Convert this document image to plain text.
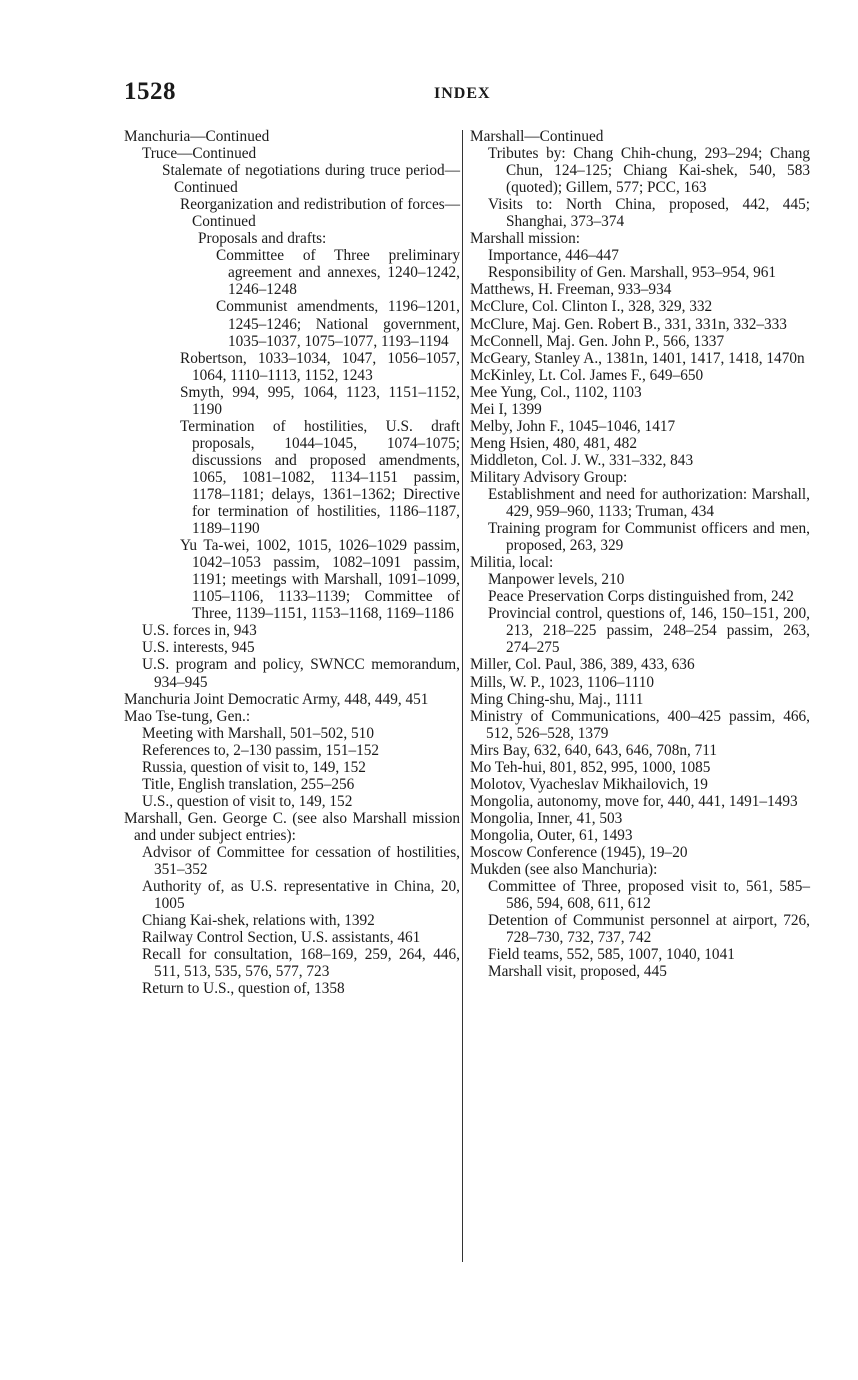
1528	INDEX
Manchuria—Continued
Truce—Continued
Stalemate of negotiations during truce period—Continued
Reorganization and redistribution of forces—Continued
Proposals and drafts:
Committee of Three preliminary agreement and annexes, 1240–1242, 1246–1248
Communist amendments, 1196–1201, 1245–1246; National government, 1035–1037, 1075–1077, 1193–1194
Robertson, 1033–1034, 1047, 1056–1057, 1064, 1110–1113, 1152, 1243
Smyth, 994, 995, 1064, 1123, 1151–1152, 1190
Termination of hostilities, U.S. draft proposals, 1044–1045, 1074–1075; discussions and proposed amendments, 1065, 1081–1082, 1134–1151 passim, 1178–1181; delays, 1361–1362; Directive for termination of hostilities, 1186–1187, 1189–1190
Yu Ta-wei, 1002, 1015, 1026–1029 passim, 1042–1053 passim, 1082–1091 passim, 1191; meetings with Marshall, 1091–1099, 1105–1106, 1133–1139; Committee of Three, 1139–1151, 1153–1168, 1169–1186
U.S. forces in, 943
U.S. interests, 945
U.S. program and policy, SWNCC memorandum, 934–945
Manchuria Joint Democratic Army, 448, 449, 451
Mao Tse-tung, Gen.:
Meeting with Marshall, 501–502, 510
References to, 2–130 passim, 151–152
Russia, question of visit to, 149, 152
Title, English translation, 255–256
U.S., question of visit to, 149, 152
Marshall, Gen. George C. (see also Marshall mission and under subject entries):
Advisor of Committee for cessation of hostilities, 351–352
Authority of, as U.S. representative in China, 20, 1005
Chiang Kai-shek, relations with, 1392
Railway Control Section, U.S. assistants, 461
Recall for consultation, 168–169, 259, 264, 446, 511, 513, 535, 576, 577, 723
Return to U.S., question of, 1358
Marshall—Continued
Tributes by: Chang Chih-chung, 293–294; Chang Chun, 124–125; Chiang Kai-shek, 540, 583 (quoted); Gillem, 577; PCC, 163
Visits to: North China, proposed, 442, 445; Shanghai, 373–374
Marshall mission:
Importance, 446–447
Responsibility of Gen. Marshall, 953–954, 961
Matthews, H. Freeman, 933–934
McClure, Col. Clinton I., 328, 329, 332
McClure, Maj. Gen. Robert B., 331, 331n, 332–333
McConnell, Maj. Gen. John P., 566, 1337
McGeary, Stanley A., 1381n, 1401, 1417, 1418, 1470n
McKinley, Lt. Col. James F., 649–650
Mee Yung, Col., 1102, 1103
Mei I, 1399
Melby, John F., 1045–1046, 1417
Meng Hsien, 480, 481, 482
Middleton, Col. J. W., 331–332, 843
Military Advisory Group:
Establishment and need for authorization: Marshall, 429, 959–960, 1133; Truman, 434
Training program for Communist officers and men, proposed, 263, 329
Militia, local:
Manpower levels, 210
Peace Preservation Corps distinguished from, 242
Provincial control, questions of, 146, 150–151, 200, 213, 218–225 passim, 248–254 passim, 263, 274–275
Miller, Col. Paul, 386, 389, 433, 636
Mills, W. P., 1023, 1106–1110
Ming Ching-shu, Maj., 1111
Ministry of Communications, 400–425 passim, 466, 512, 526–528, 1379
Mirs Bay, 632, 640, 643, 646, 708n, 711
Mo Teh-hui, 801, 852, 995, 1000, 1085
Molotov, Vyacheslav Mikhailovich, 19
Mongolia, autonomy, move for, 440, 441, 1491–1493
Mongolia, Inner, 41, 503
Mongolia, Outer, 61, 1493
Moscow Conference (1945), 19–20
Mukden (see also Manchuria):
Committee of Three, proposed visit to, 561, 585–586, 594, 608, 611, 612
Detention of Communist personnel at airport, 726, 728–730, 732, 737, 742
Field teams, 552, 585, 1007, 1040, 1041
Marshall visit, proposed, 445
